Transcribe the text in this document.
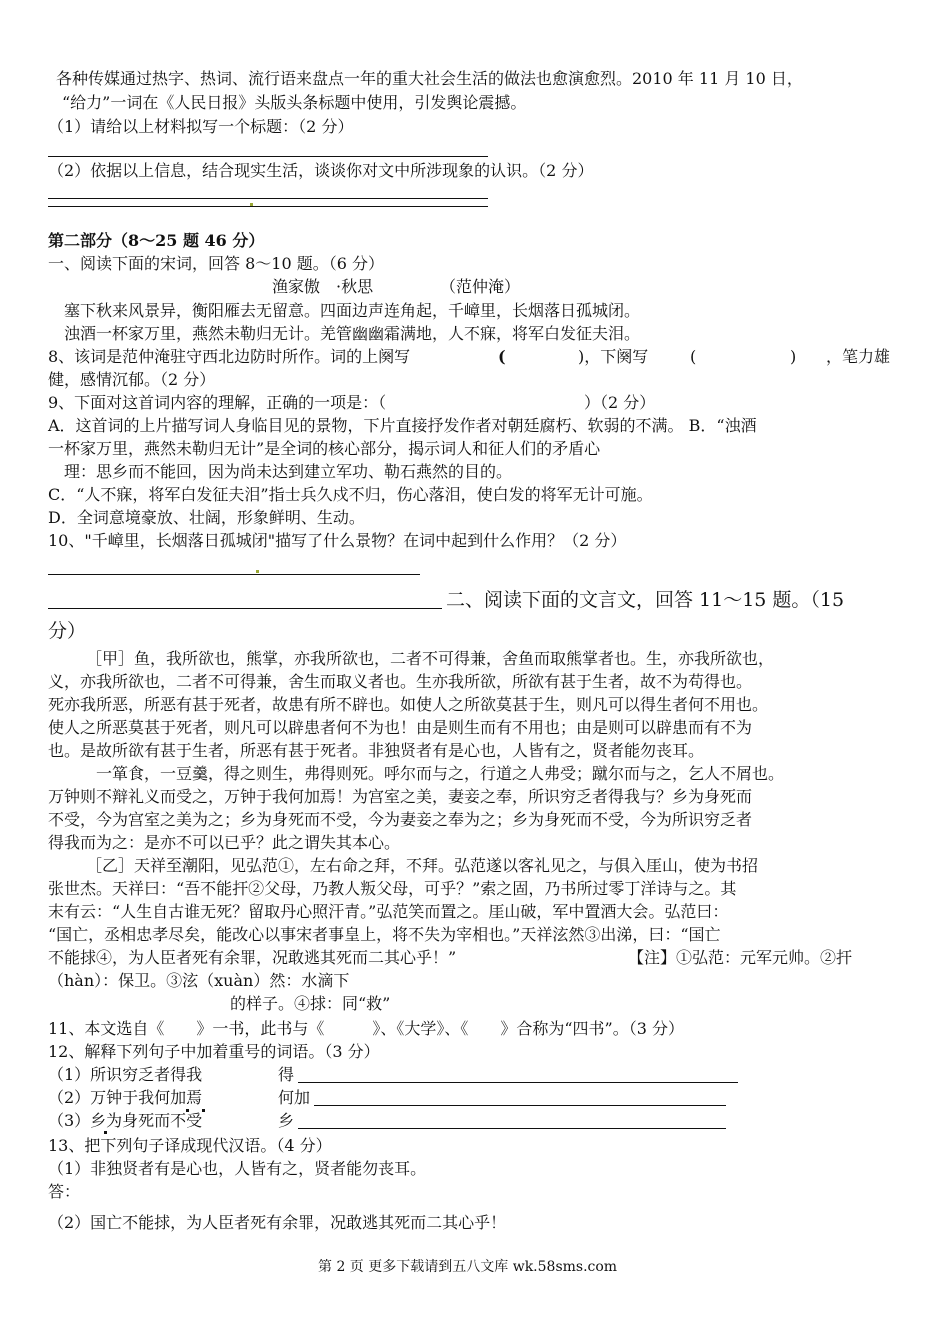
各种传媒通过热字、热词、流行语来盘点一年的重大社会生活的做法也愈演愈烈。2010 年 11 月 10 日，
“给力”一词在《人民日报》头版头条标题中使用，引发舆论震撼。
（1）请给以上材料拟写一个标题：（2 分）
（2）依据以上信息，结合现实生活，谈谈你对文中所涉现象的认识。（2 分）
第二部分（8～25 题 46 分）
一、阅读下面的宋词，回答 8～10 题。（6 分）
渔家傲　·秋思	（范仲淹）
塞下秋来风景异，衡阳雁去无留意。四面边声连角起，千嶂里，长烟落日孤城闭。
浊酒一杯家万里，燕然未勒归无计。羌管幽幽霜满地，人不寐，将军白发征夫泪。
8、该词是范仲淹驻守西北边防时所作。词的上阕写	(	)，下阕写	(	) ，笔力雄
健，感情沉郁。（2 分）
9、下面对这首词内容的理解，正确的一项是：（	）（2 分）
A．这首词的上片描写词人身临目见的景物，下片直接抒发作者对朝廷腐朽、软弱的不满。 B．“浊酒
一杯家万里，燕然未勒归无计”是全词的核心部分，揭示词人和征人们的矛盾心
理：思乡而不能回，因为尚未达到建立军功、勒石燕然的目的。
C．“人不寐，将军白发征夫泪”指士兵久戍不归，伤心落泪，使白发的将军无计可施。
D．全词意境豪放、壮阔，形象鲜明、生动。
10、"千嶂里，长烟落日孤城闭"描写了什么景物？在词中起到什么作用？（2 分）
二、阅读下面的文言文，回答 11～15 题。（15
分）
［甲］鱼，我所欲也，熊掌，亦我所欲也，二者不可得兼，舍鱼而取熊掌者也。生，亦我所欲也，
义，亦我所欲也，二者不可得兼，舍生而取义者也。生亦我所欲，所欲有甚于生者，故不为苟得也。
死亦我所恶，所恶有甚于死者，故患有所不辟也。如使人之所欲莫甚于生，则凡可以得生者何不用也。
使人之所恶莫甚于死者，则凡可以辟患者何不为也！由是则生而有不用也；由是则可以辟患而有不为
也。是故所欲有甚于生者，所恶有甚于死者。非独贤者有是心也，人皆有之，贤者能勿丧耳。
一箪食，一豆羹，得之则生，弗得则死。呼尔而与之，行道之人弗受；蹴尔而与之，乞人不屑也。
万钟则不辩礼义而受之，万钟于我何加焉！为宫室之美，妻妾之奉，所识穷乏者得我与？乡为身死而
不受，今为宫室之美为之；乡为身死而不受，今为妻妾之奉为之；乡为身死而不受，今为所识穷乏者
得我而为之：是亦不可以已乎？此之谓失其本心。
［乙］天祥至潮阳，见弘范①，左右命之拜，不拜。弘范遂以客礼见之，与俱入厓山，使为书招
张世杰。天祥曰：“吾不能扞②父母，乃教人叛父母，可乎？”索之固，乃书所过零丁洋诗与之。其
末有云：“人生自古谁无死？留取丹心照汗青。”弘范笑而置之。厓山破，军中置酒大会。弘范曰：
“国亡，丞相忠孝尽矣，能改心以事宋者事皇上，将不失为宰相也。”天祥泫然③出涕，曰：“国亡
不能捄④，为人臣者死有余罪，况敢逃其死而二其心乎！”	【注】①弘范：元军元帅。②扞
（hàn）：保卫。③泫（xuàn）然：水滴下
的样子。④捄：同“救”
11、本文选自《　　》一书，此书与《　　　》、《大学》、《　　》合称为“四书”。（3 分）
12、解释下列句子中加着重号的词语。（3 分）
（1）所识穷乏者得我	得
（2）万钟于我何加焉	何加
（3）乡为身死而不受	乡
13、把下列句子译成现代汉语。（4 分）
（1）非独贤者有是心也，人皆有之，贤者能勿丧耳。
答：
（2）国亡不能捄，为人臣者死有余罪，况敢逃其死而二其心乎！
第 2 页 更多下载请到五八文库 wk.58sms.com
